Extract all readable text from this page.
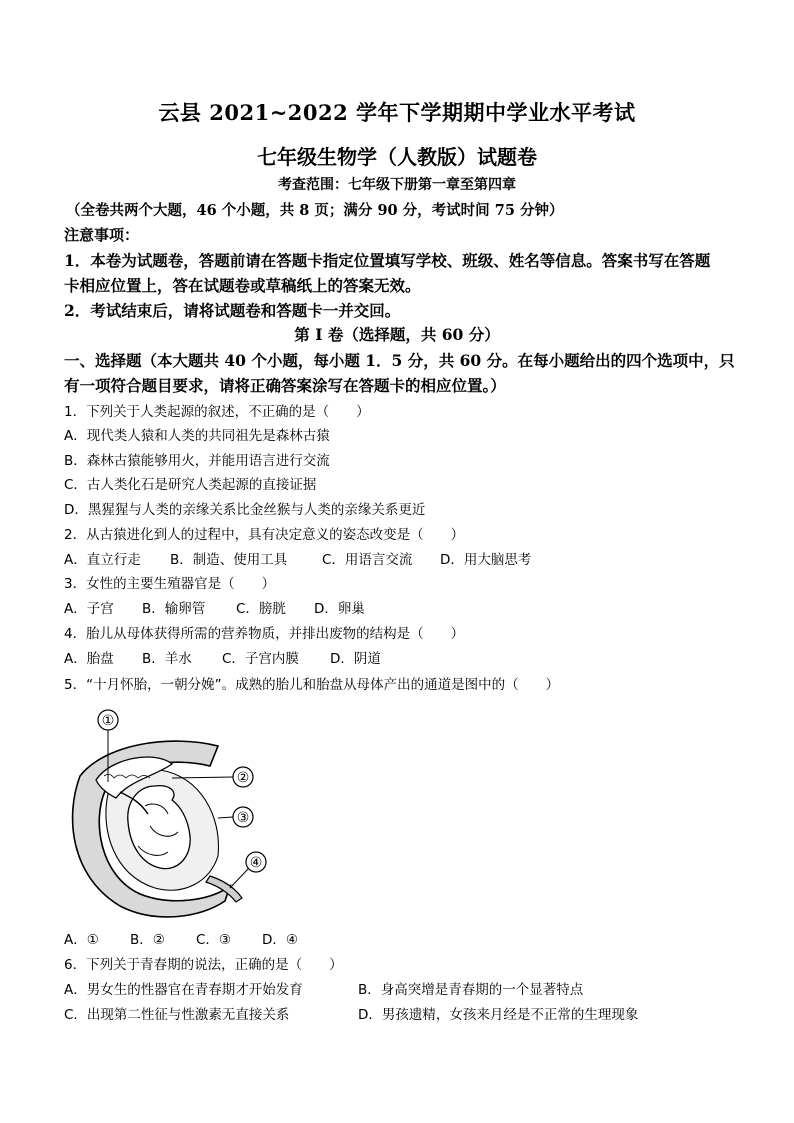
云县 2021~2022 学年下学期期中学业水平考试
七年级生物学（人教版）试题卷
考查范围：七年级下册第一章至第四章
（全卷共两个大题，46 个小题，共 8 页；满分 90 分，考试时间 75 分钟）
注意事项：
1．本卷为试题卷，答题前请在答题卡指定位置填写学校、班级、姓名等信息。答案书写在答题
卡相应位置上，答在试题卷或草稿纸上的答案无效。
2．考试结束后，请将试题卷和答题卡一并交回。
第 I 卷（选择题，共 60 分）
一、选择题（本大题共 40 个小题，每小题 1．5 分，共 60 分。在每小题给出的四个选项中，只
有一项符合题目要求，请将正确答案涂写在答题卡的相应位置。）
1．下列关于人类起源的叙述，不正确的是（　　）
A．现代类人猿和人类的共同祖先是森林古猿
B．森林古猿能够用火，并能用语言进行交流
C．古人类化石是研究人类起源的直接证据
D．黑猩猩与人类的亲缘关系比金丝猴与人类的亲缘关系更近
2．从古猿进化到人的过程中，具有决定意义的姿态改变是（　　）
A．直立行走 B．制造、使用工具	C．用语言交流 D．用大脑思考
3．女性的主要生殖器官是（　　）
A．子宫 B．输卵管 C．膀胱 D．卵巢
4．胎儿从母体获得所需的营养物质，并排出废物的结构是（　　）
A．胎盘 B．羊水 C．子宫内膜 D．阴道
5．“十月怀胎，一朝分娩”。成熟的胎儿和胎盘从母体产出的通道是图中的（　　）
①
②
③
④
A．① B．② C．③ D．④
6．下列关于青春期的说法，正确的是（　　）
A．男女生的性器官在青春期才开始发育	B．身高突增是青春期的一个显著特点
C．出现第二性征与性激素无直接关系	D．男孩遗精，女孩来月经是不正常的生理现象
